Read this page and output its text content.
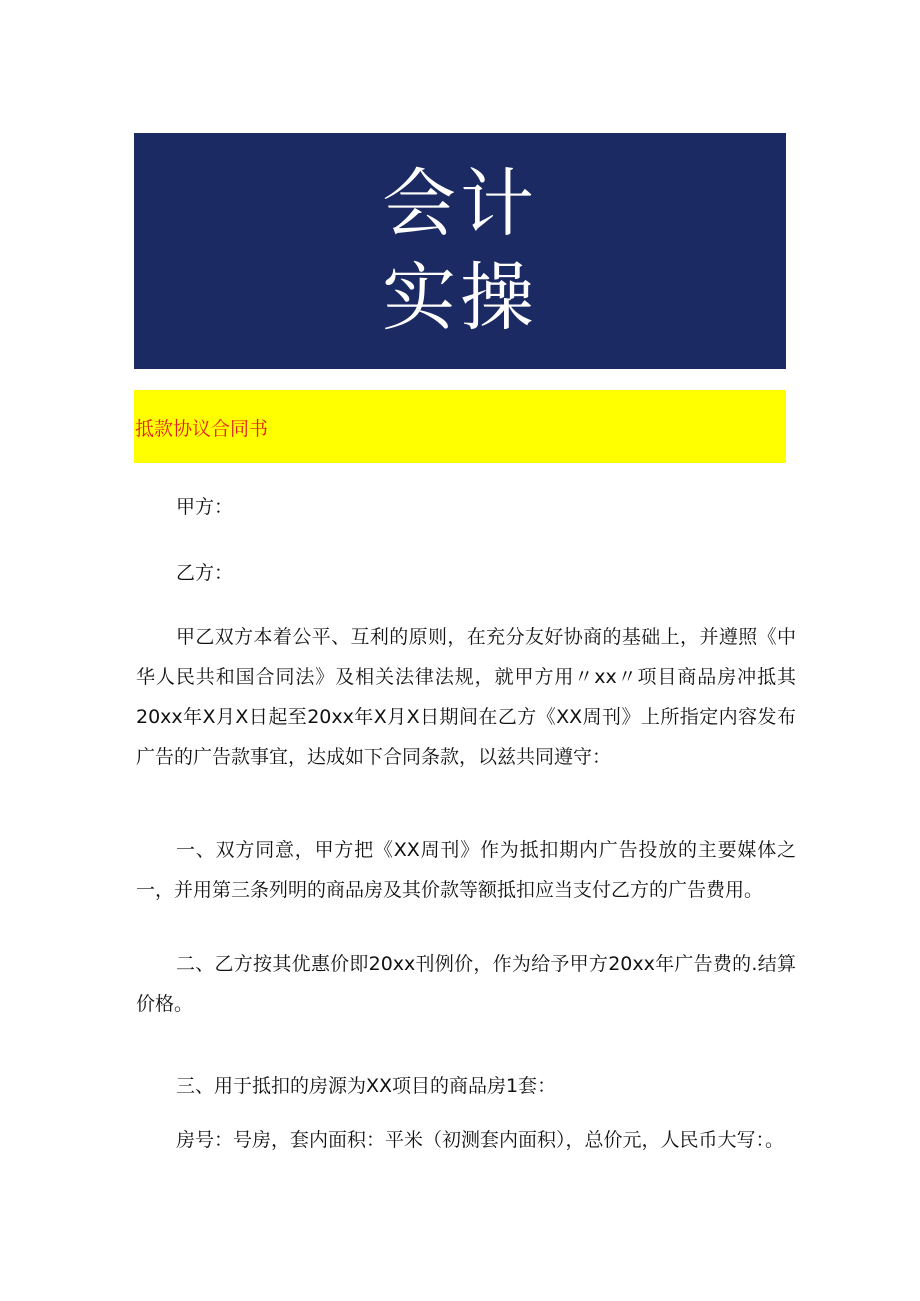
会计
实操
抵款协议合同书

甲方：

乙方：

甲乙双方本着公平、互利的原则，在充分友好协商的基础上，并遵照《中华人民共和国合同法》及相关法律法规，就甲方用〃xx〃项目商品房冲抵其20xx年X月X日起至20xx年X月X日期间在乙方《XX周刊》上所指定内容发布广告的广告款事宜，达成如下合同条款，以兹共同遵守：

一、双方同意，甲方把《XX周刊》作为抵扣期内广告投放的主要媒体之一，并用第三条列明的商品房及其价款等额抵扣应当支付乙方的广告费用。

二、乙方按其优惠价即20xx刊例价，作为给予甲方20xx年广告费的.结算价格。

三、用于抵扣的房源为XX项目的商品房1套：

房号：号房，套内面积：平米（初测套内面积），总价元，人民币大写：。
